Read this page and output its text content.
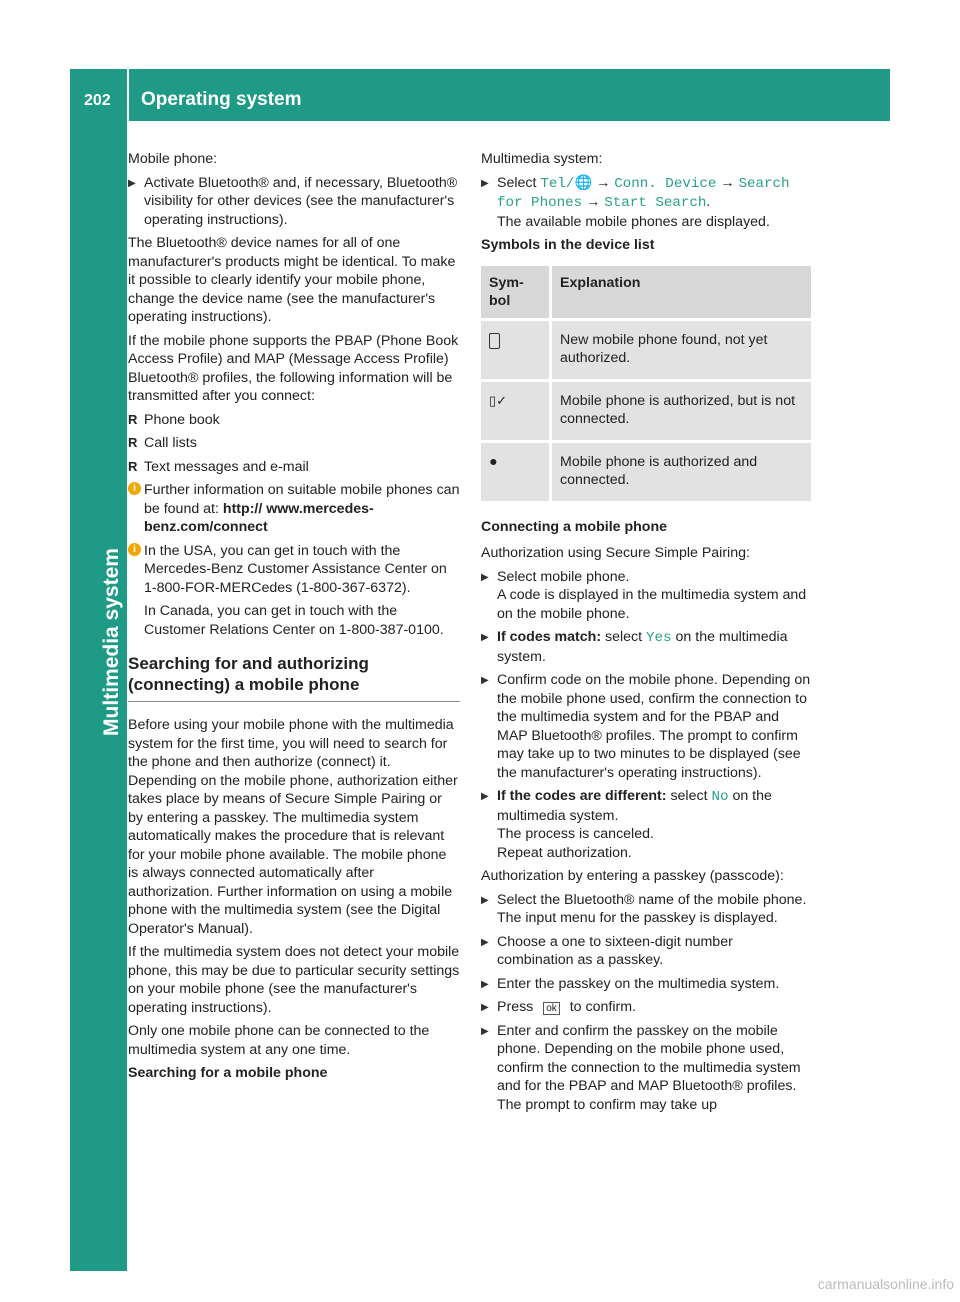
202 Operating system
Multimedia system

Mobile phone:

▶ Activate Bluetooth® and, if necessary, Bluetooth® visibility for other devices (see the manufacturer's operating instructions).

The Bluetooth® device names for all of one manufacturer's products might be identical. To make it possible to clearly identify your mobile phone, change the device name (see the manufacturer's operating instructions).

If the mobile phone supports the PBAP (Phone Book Access Profile) and MAP (Message Access Profile) Bluetooth® profiles, the following information will be transmitted after you connect:

R Phone book
R Call lists
R Text messages and e-mail
i Further information on suitable mobile phones can be found at: http:// www.mercedes-benz.com/connect
i In the USA, you can get in touch with the Mercedes-Benz Customer Assistance Center on 1-800-FOR-MERCedes (1-800-367-6372).
In Canada, you can get in touch with the Customer Relations Center on 1-800-387-0100.
Searching for and authorizing (connecting) a mobile phone

Before using your mobile phone with the multimedia system for the first time, you will need to search for the phone and then authorize (connect) it. Depending on the mobile phone, authorization either takes place by means of Secure Simple Pairing or by entering a passkey. The multimedia system automatically makes the procedure that is relevant for your mobile phone available. The mobile phone is always connected automatically after authorization. Further information on using a mobile phone with the multimedia system (see the Digital Operator's Manual).

If the multimedia system does not detect your mobile phone, this may be due to particular security settings on your mobile phone (see the manufacturer's operating instructions).

Only one mobile phone can be connected to the multimedia system at any one time.

Searching for a mobile phone

Multimedia system:

▶ Select Tel/🌐 → Conn. Device → Search for Phones → Start Search.
The available mobile phones are displayed.

Symbols in the device list

Sym-
bol	Explanation
	New mobile phone found, not yet authorized.
▯✓	Mobile phone is authorized, but is not connected.
●	Mobile phone is authorized and connected.
Connecting a mobile phone

Authorization using Secure Simple Pairing:

▶ Select mobile phone.
A code is displayed in the multimedia system and on the mobile phone.
▶ If codes match: select Yes on the multimedia system.
▶ Confirm code on the mobile phone. Depending on the mobile phone used, confirm the connection to the multimedia system and for the PBAP and MAP Bluetooth® profiles. The prompt to confirm may take up to two minutes to be displayed (see the manufacturer's operating instructions).
▶ If the codes are different: select No on the multimedia system.
The process is canceled.
Repeat authorization.

Authorization by entering a passkey (passcode):

▶ Select the Bluetooth® name of the mobile phone.
The input menu for the passkey is displayed.
▶ Choose a one to sixteen-digit number combination as a passkey.
▶ Enter the passkey on the multimedia system.
▶ Press ok to confirm.
▶ Enter and confirm the passkey on the mobile phone. Depending on the mobile phone used, confirm the connection to the multimedia system and for the PBAP and MAP Bluetooth® profiles. The prompt to confirm may take up
carmanualsonline.info
